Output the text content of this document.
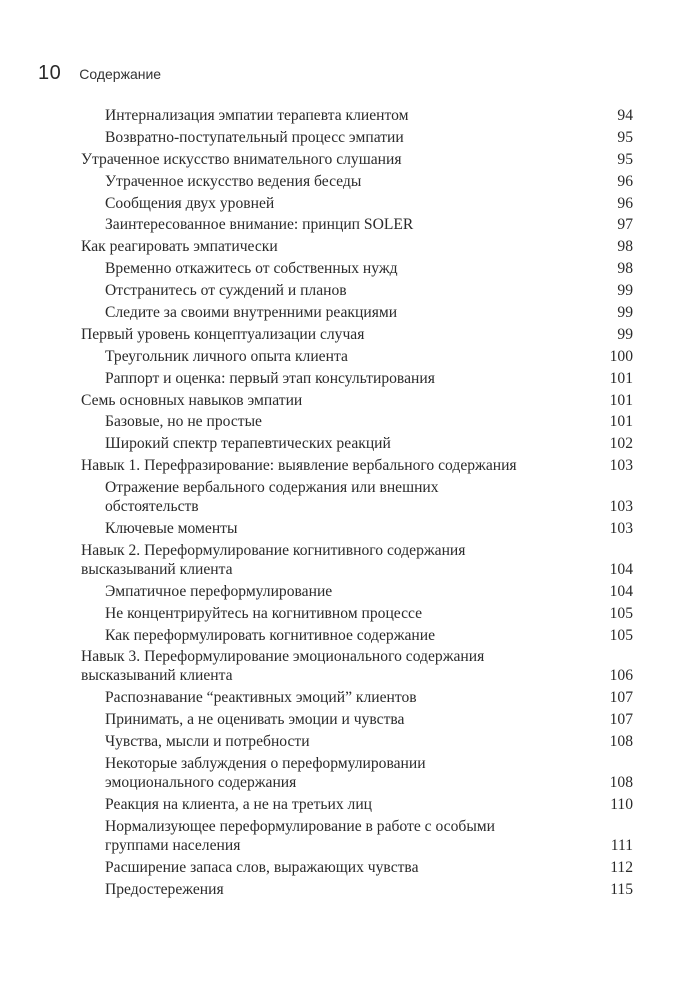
10 Содержание
Интернализация эмпатии терапевта клиентом	94
Возвратно-поступательный процесс эмпатии	95
Утраченное искусство внимательного слушания	95
Утраченное искусство ведения беседы	96
Сообщения двух уровней	96
Заинтересованное внимание: принцип SOLER	97
Как реагировать эмпатически	98
Временно откажитесь от собственных нужд	98
Отстранитесь от суждений и планов	99
Следите за своими внутренними реакциями	99
Первый уровень концептуализации случая	99
Треугольник личного опыта клиента	100
Раппорт и оценка: первый этап консультирования	101
Семь основных навыков эмпатии	101
Базовые, но не простые	101
Широкий спектр терапевтических реакций	102
Навык 1. Перефразирование: выявление вербального содержания	103
Отражение вербального содержания или внешних обстоятельств	103
Ключевые моменты	103
Навык 2. Переформулирование когнитивного содержания высказываний клиента	104
Эмпатичное переформулирование	104
Не концентрируйтесь на когнитивном процессе	105
Как переформулировать когнитивное содержание	105
Навык 3. Переформулирование эмоционального содержания высказываний клиента	106
Распознавание “реактивных эмоций” клиентов	107
Принимать, а не оценивать эмоции и чувства	107
Чувства, мысли и потребности	108
Некоторые заблуждения о переформулировании эмоционального содержания	108
Реакция на клиента, а не на третьих лиц	110
Нормализующее переформулирование в работе с особыми группами населения	111
Расширение запаса слов, выражающих чувства	112
Предостережения	115
